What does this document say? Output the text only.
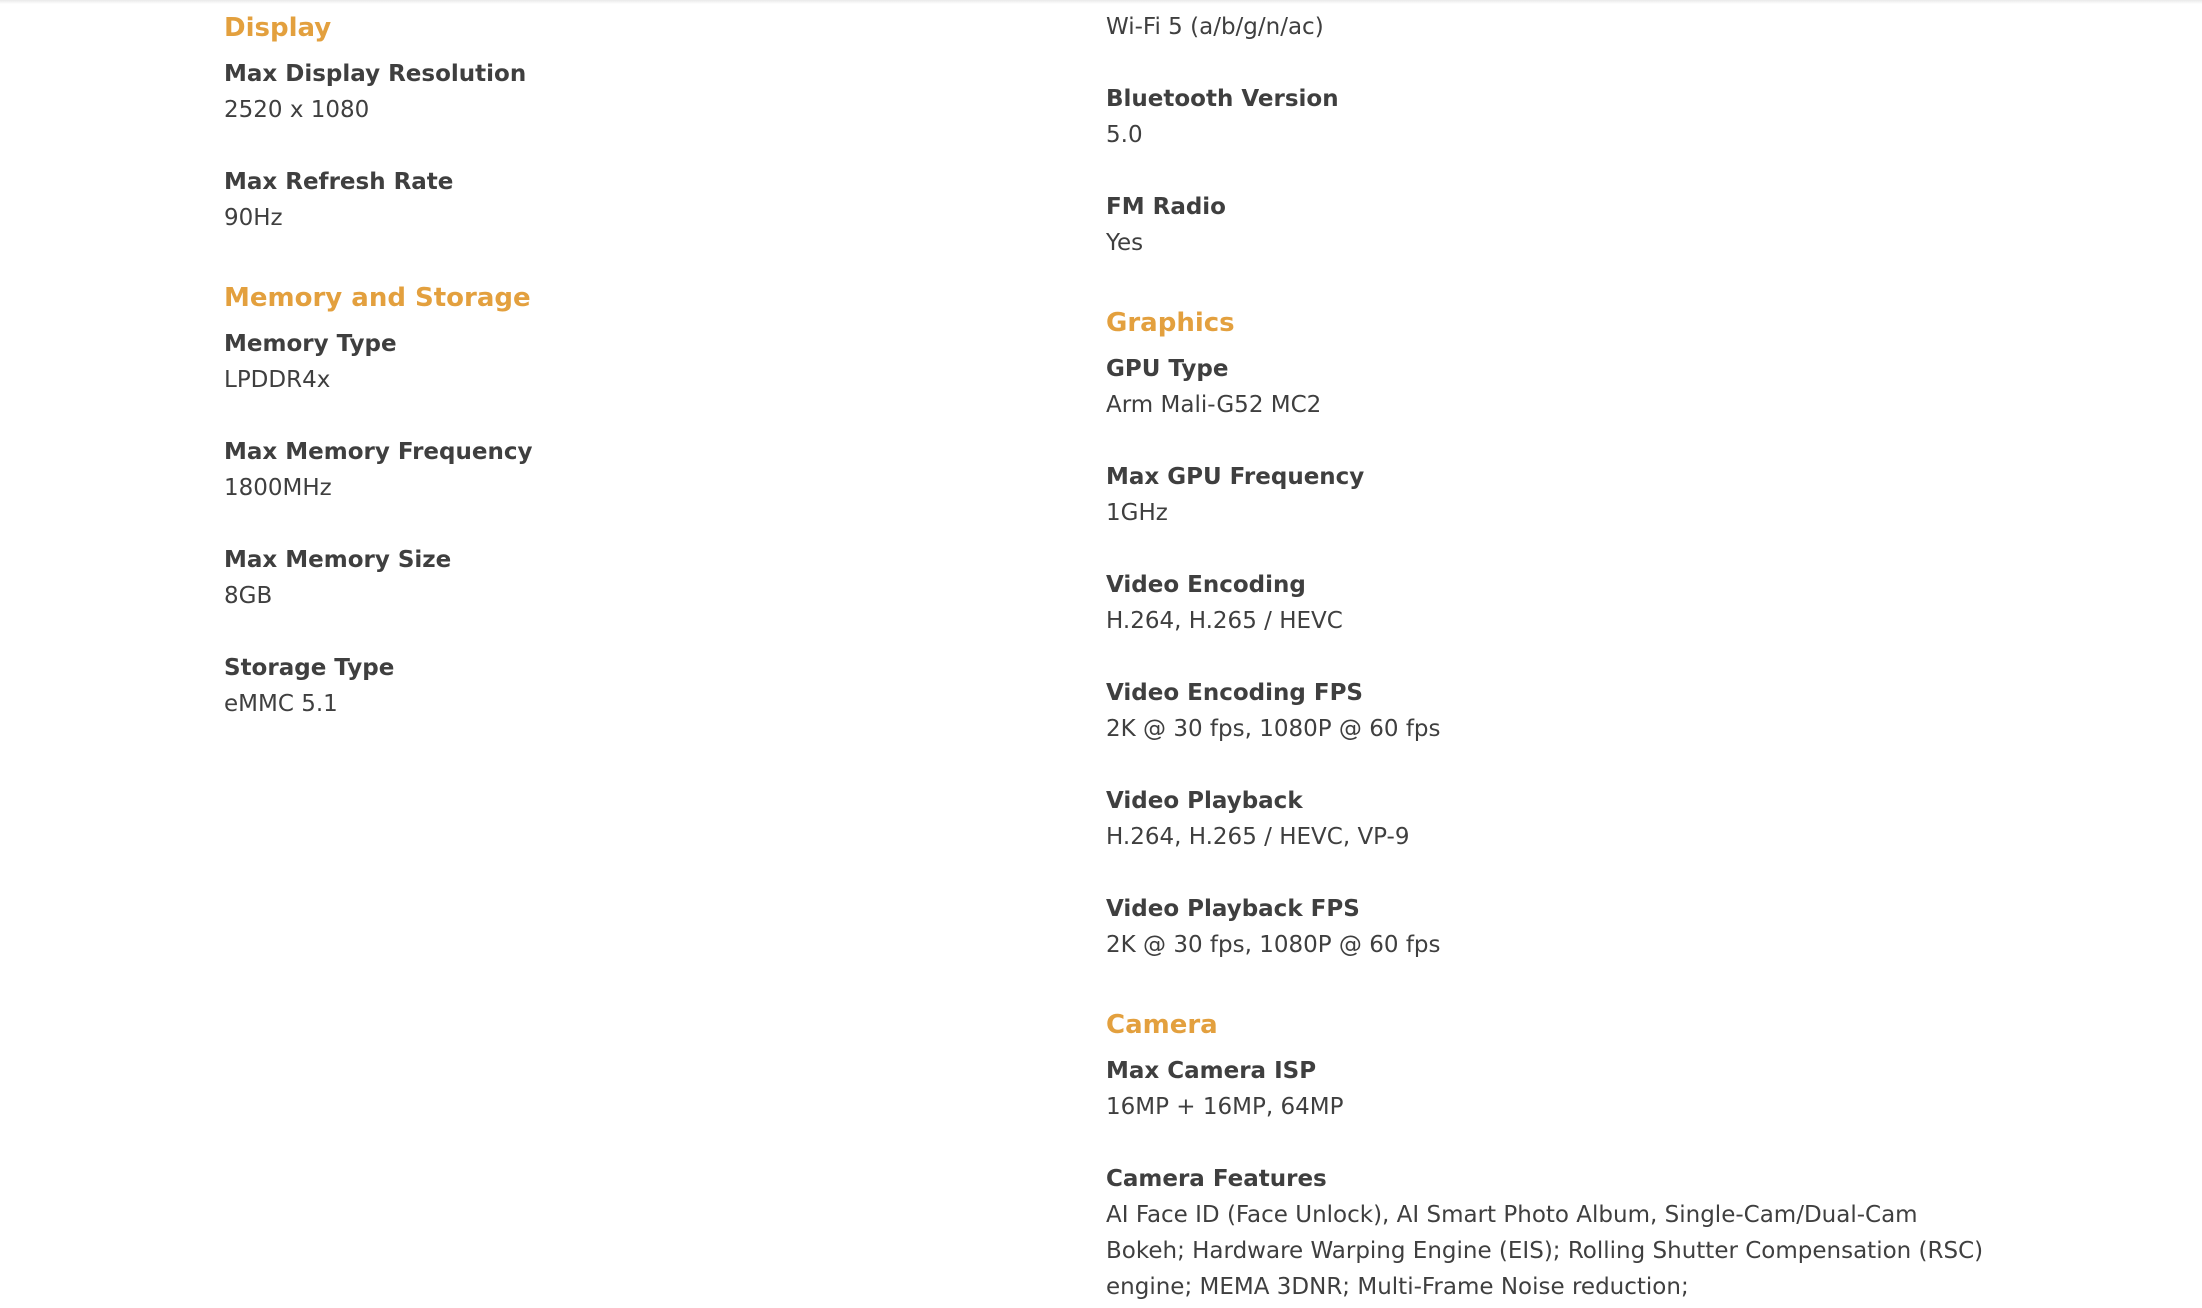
Display
Max Display Resolution
2520 x 1080
Max Refresh Rate
90Hz
Memory and Storage
Memory Type
LPDDR4x
Max Memory Frequency
1800MHz
Max Memory Size
8GB
Storage Type
eMMC 5.1
Wi-Fi 5 (a/b/g/n/ac)
Bluetooth Version
5.0
FM Radio
Yes
Graphics
GPU Type
Arm Mali-G52 MC2
Max GPU Frequency
1GHz
Video Encoding
H.264, H.265 / HEVC
Video Encoding FPS
2K @ 30 fps, 1080P @ 60 fps
Video Playback
H.264, H.265 / HEVC, VP-9
Video Playback FPS
2K @ 30 fps, 1080P @ 60 fps
Camera
Max Camera ISP
16MP + 16MP, 64MP
Camera Features
AI Face ID (Face Unlock), AI Smart Photo Album, Single-Cam/Dual-Cam Bokeh; Hardware Warping Engine (EIS); Rolling Shutter Compensation (RSC) engine; MEMA 3DNR; Multi-Frame Noise reduction;
